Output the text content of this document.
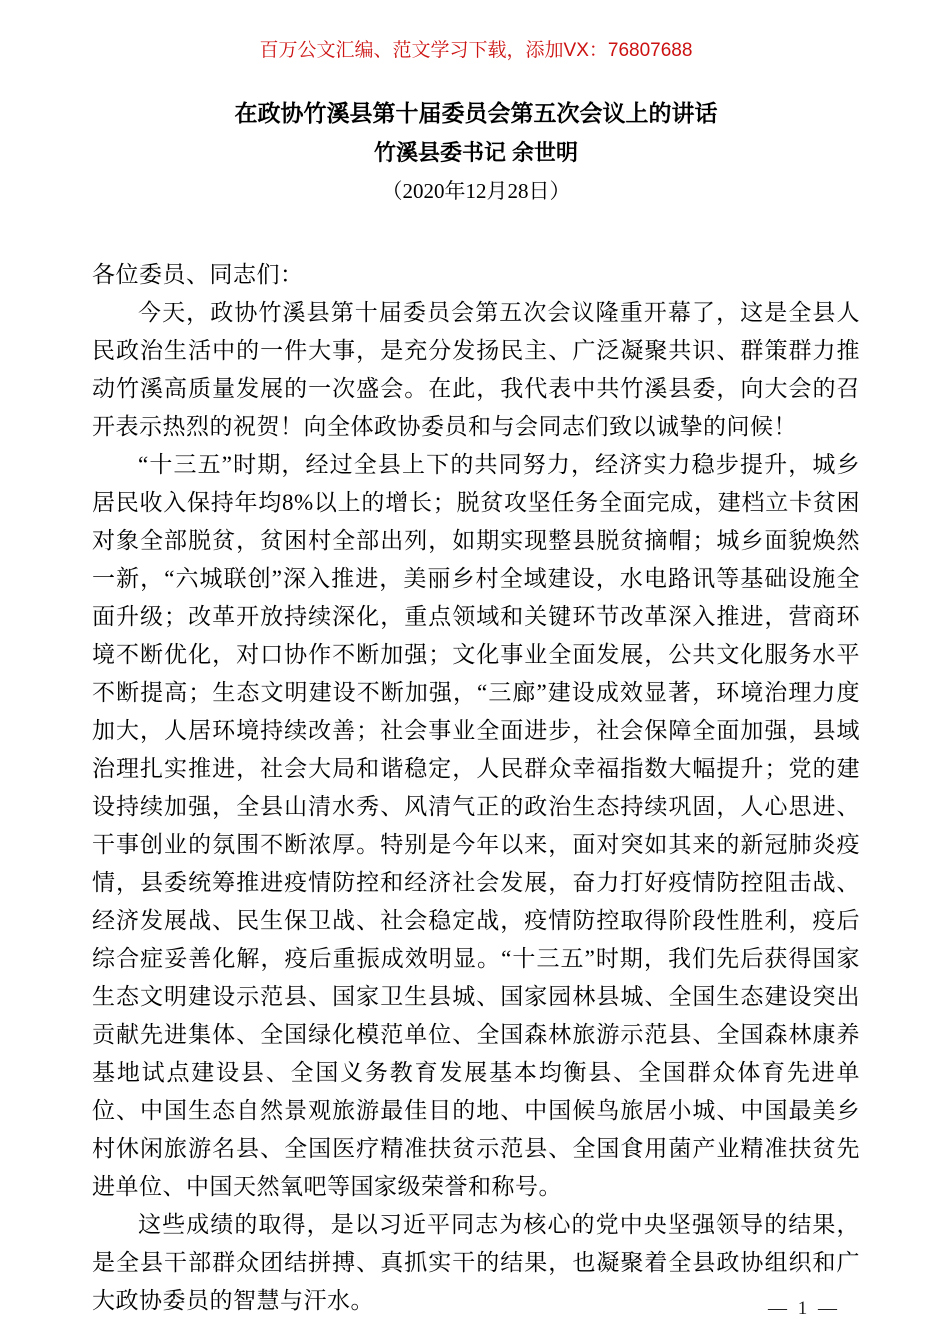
百万公文汇编、范文学习下载，添加VX：76807688
在政协竹溪县第十届委员会第五次会议上的讲话
竹溪县委书记 余世明
（2020年12月28日）

各位委员、同志们：

今天，政协竹溪县第十届委员会第五次会议隆重开幕了，这是全县人民政治生活中的一件大事，是充分发扬民主、广泛凝聚共识、群策群力推动竹溪高质量发展的一次盛会。在此，我代表中共竹溪县委，向大会的召开表示热烈的祝贺！向全体政协委员和与会同志们致以诚挚的问候！

“十三五”时期，经过全县上下的共同努力，经济实力稳步提升，城乡居民收入保持年均8%以上的增长；脱贫攻坚任务全面完成，建档立卡贫困对象全部脱贫，贫困村全部出列，如期实现整县脱贫摘帽；城乡面貌焕然一新，“六城联创”深入推进，美丽乡村全域建设，水电路讯等基础设施全面升级；改革开放持续深化，重点领域和关键环节改革深入推进，营商环境不断优化，对口协作不断加强；文化事业全面发展，公共文化服务水平不断提高；生态文明建设不断加强，“三廊”建设成效显著，环境治理力度加大，人居环境持续改善；社会事业全面进步，社会保障全面加强，县域治理扎实推进，社会大局和谐稳定，人民群众幸福指数大幅提升；党的建设持续加强，全县山清水秀、风清气正的政治生态持续巩固，人心思进、干事创业的氛围不断浓厚。特别是今年以来，面对突如其来的新冠肺炎疫情，县委统筹推进疫情防控和经济社会发展，奋力打好疫情防控阻击战、经济发展战、民生保卫战、社会稳定战，疫情防控取得阶段性胜利，疫后综合症妥善化解，疫后重振成效明显。“十三五”时期，我们先后获得国家生态文明建设示范县、国家卫生县城、国家园林县城、全国生态建设突出贡献先进集体、全国绿化模范单位、全国森林旅游示范县、全国森林康养基地试点建设县、全国义务教育发展基本均衡县、全国群众体育先进单位、中国生态自然景观旅游最佳目的地、中国候鸟旅居小城、中国最美乡村休闲旅游名县、全国医疗精准扶贫示范县、全国食用菌产业精准扶贫先进单位、中国天然氧吧等国家级荣誉和称号。

这些成绩的取得，是以习近平同志为核心的党中央坚强领导的结果，是全县干部群众团结拼搏、真抓实干的结果，也凝聚着全县政协组织和广大政协委员的智慧与汗水。	— 1 —
